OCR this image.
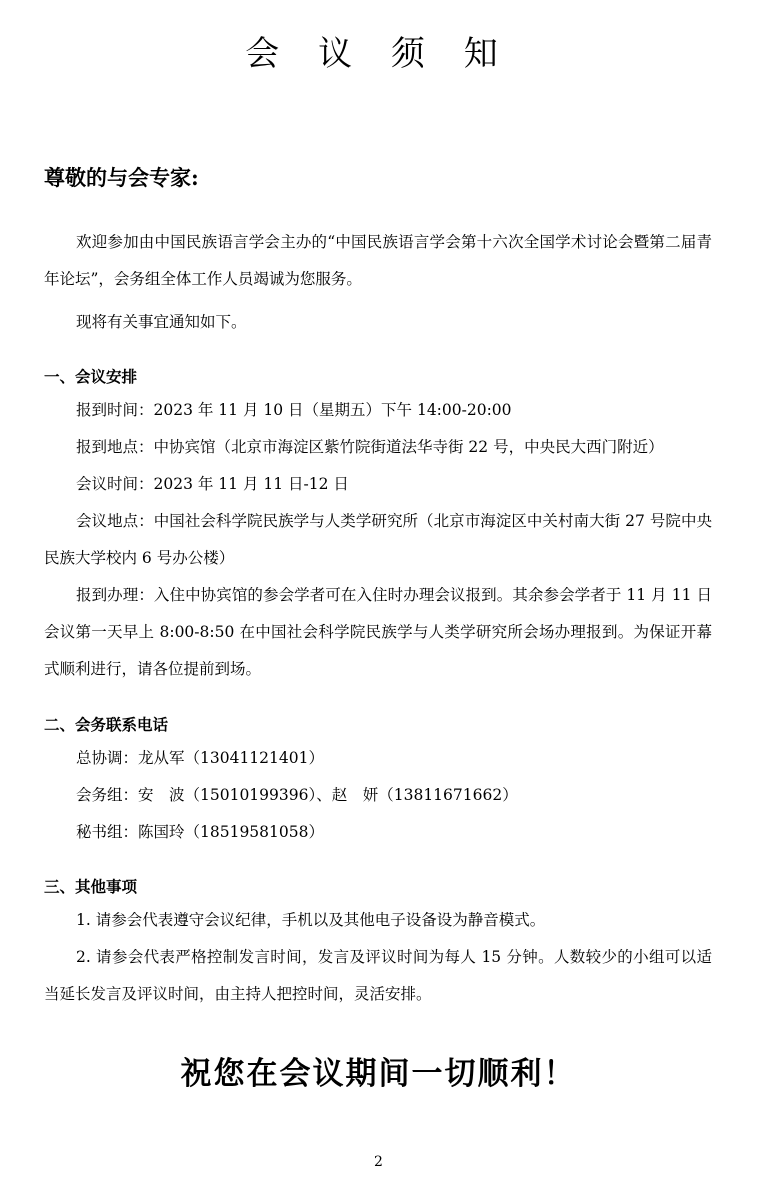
会 议 须 知

尊敬的与会专家:

欢迎参加由中国民族语言学会主办的“中国民族语言学会第十六次全国学术讨论会暨第二届青年论坛”，会务组全体工作人员竭诚为您服务。

现将有关事宜通知如下。

一、会议安排

报到时间：2023 年 11 月 10 日（星期五）下午 14:00-20:00

报到地点：中协宾馆（北京市海淀区紫竹院街道法华寺街 22 号，中央民大西门附近）

会议时间：2023 年 11 月 11 日-12 日

会议地点：中国社会科学院民族学与人类学研究所（北京市海淀区中关村南大街 27 号院中央民族大学校内 6 号办公楼）

报到办理：入住中协宾馆的参会学者可在入住时办理会议报到。其余参会学者于 11 月 11 日会议第一天早上 8:00-8:50 在中国社会科学院民族学与人类学研究所会场办理报到。为保证开幕式顺利进行，请各位提前到场。

二、会务联系电话

总协调：龙从军（13041121401）

会务组：安　波（15010199396）、赵　妍（13811671662）

秘书组：陈国玲（18519581058）

三、其他事项

1. 请参会代表遵守会议纪律，手机以及其他电子设备设为静音模式。

2. 请参会代表严格控制发言时间，发言及评议时间为每人 15 分钟。人数较少的小组可以适当延长发言及评议时间，由主持人把控时间，灵活安排。

祝您在会议期间一切顺利！

2
